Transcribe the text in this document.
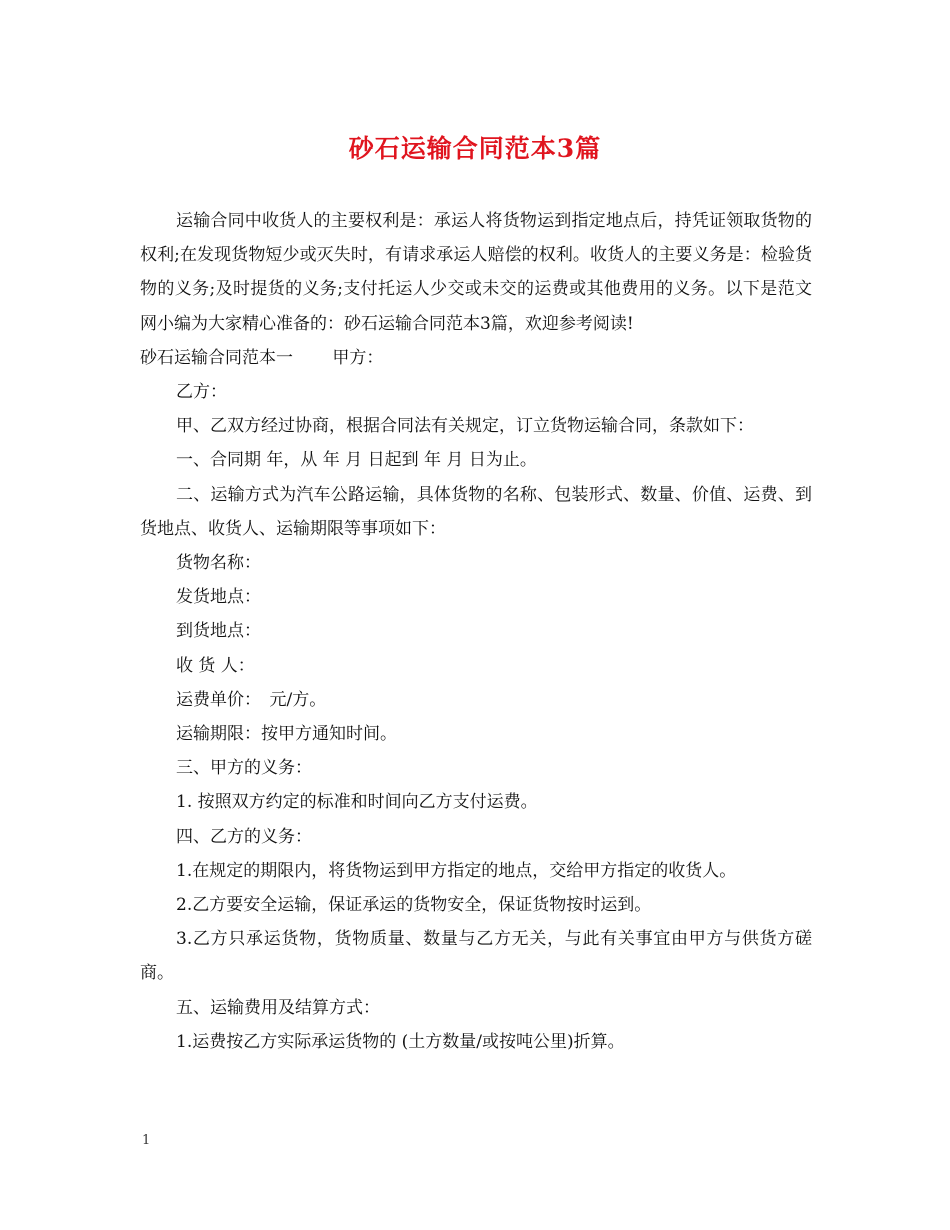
砂石运输合同范本3篇

运输合同中收货人的主要权利是：承运人将货物运到指定地点后，持凭证领取货物的权利;在发现货物短少或灭失时，有请求承运人赔偿的权利。收货人的主要义务是：检验货物的义务;及时提货的义务;支付托运人少交或未交的运费或其他费用的义务。以下是范文网小编为大家精心准备的：砂石运输合同范本3篇，欢迎参考阅读!

砂石运输合同范本一　　 甲方：

乙方：

甲、乙双方经过协商，根据合同法有关规定，订立货物运输合同，条款如下：

一、合同期 年，从 年 月 日起到 年 月 日为止。

二、运输方式为汽车公路运输，具体货物的名称、包装形式、数量、价值、运费、到货地点、收货人、运输期限等事项如下：

货物名称：

发货地点：

到货地点：

收 货 人：

运费单价：　元/方。

运输期限：按甲方通知时间。

三、甲方的义务：

1. 按照双方约定的标准和时间向乙方支付运费。

四、乙方的义务：

1.在规定的期限内，将货物运到甲方指定的地点，交给甲方指定的收货人。

2.乙方要安全运输，保证承运的货物安全，保证货物按时运到。

3.乙方只承运货物，货物质量、数量与乙方无关，与此有关事宜由甲方与供货方磋商。

五、运输费用及结算方式：

1.运费按乙方实际承运货物的 (土方数量/或按吨公里)折算。

1
